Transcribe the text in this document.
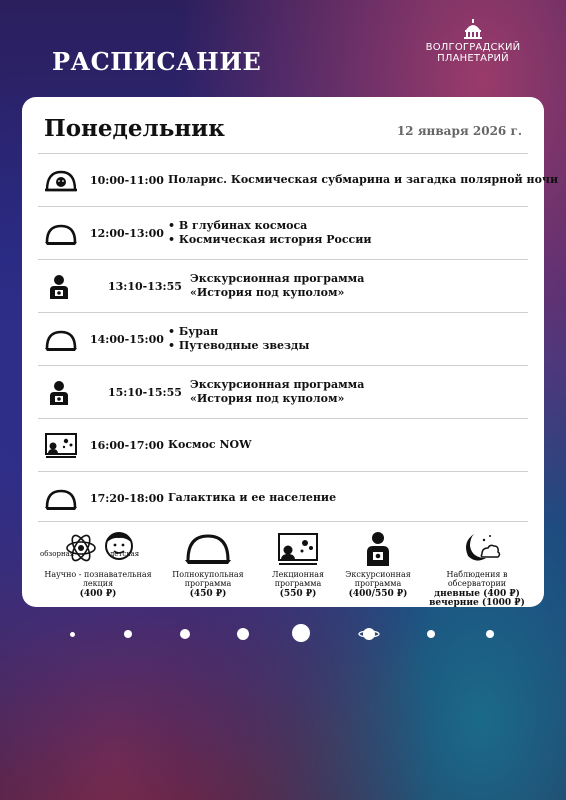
РАСПИСАНИЕ	ВОЛГОГРАДСКИЙ
ПЛАНЕТАРИЙ
Понедельник	12 января 2026 г.
10:00-11:00 Поларис. Космическая субмарина и загадка полярной ночи
12:00-13:00
• В глубинах космоса
• Космическая история России
13:10-13:55
Экскурсионная программа
«История под куполом»
14:00-15:00
• Буран
• Путеводные звезды
15:10-15:55
Экскурсионная программа
«История под куполом»
16:00-17:00 Космос NOW
17:20-18:00 Галактика и ее население
обзорная	детская
Научно - познавательная лекция
(400 ₽)
Полнокупольная
программа
(450 ₽)
Лекционная
программа
(550 ₽)
Экскурсионная
программа
(400/550 ₽)
Наблюдения в обсерватории
дневные (400 ₽)
вечерние (1000 ₽)
